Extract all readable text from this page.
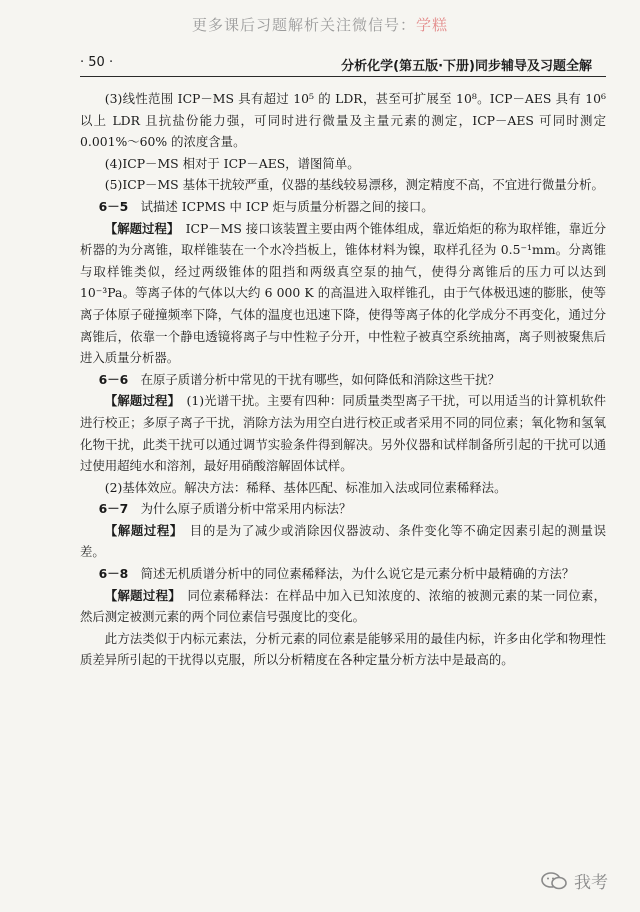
更多课后习题解析关注微信号：学糕
· 50 ·	分析化学(第五版·下册)同步辅导及习题全解

(3)线性范围 ICP－MS 具有超过 10⁵ 的 LDR，甚至可扩展至 10⁸。ICP－AES 具有 10⁶ 以上 LDR 且抗盐份能力强，可同时进行微量及主量元素的测定，ICP－AES 可同时测定 0.001%～60% 的浓度含量。

(4)ICP－MS 相对于 ICP－AES，谱图简单。

(5)ICP－MS 基体干扰较严重，仪器的基线较易漂移，测定精度不高，不宜进行微量分析。

6－5　 试描述 ICPMS 中 ICP 炬与质量分析器之间的接口。

【解题过程】　 ICP－MS 接口该装置主要由两个锥体组成，靠近焰炬的称为取样锥，靠近分析器的为分离锥，取样锥装在一个水冷挡板上，锥体材料为镍，取样孔径为 0.5⁻¹mm。分离锥与取样锥类似，经过两级锥体的阻挡和两级真空泵的抽气，使得分离锥后的压力可以达到 10⁻³Pa。等离子体的气体以大约 6 000 K 的高温进入取样锥孔，由于气体极迅速的膨胀，使等离子体原子碰撞频率下降，气体的温度也迅速下降，使得等离子体的化学成分不再变化，通过分离锥后，依靠一个静电透镜将离子与中性粒子分开，中性粒子被真空系统抽离，离子则被聚焦后进入质量分析器。

6－6　 在原子质谱分析中常见的干扰有哪些，如何降低和消除这些干扰？

【解题过程】　 (1)光谱干扰。主要有四种：同质量类型离子干扰，可以用适当的计算机软件进行校正；多原子离子干扰，消除方法为用空白进行校正或者采用不同的同位素；氧化物和氢氧化物干扰，此类干扰可以通过调节实验条件得到解决。另外仪器和试样制备所引起的干扰可以通过使用超纯水和溶剂，最好用硝酸溶解固体试样。

(2)基体效应。解决方法：稀释、基体匹配、标准加入法或同位素稀释法。

6－7　 为什么原子质谱分析中常采用内标法？

【解题过程】　 目的是为了减少或消除因仪器波动、条件变化等不确定因素引起的测量误差。

6－8　 简述无机质谱分析中的同位素稀释法，为什么说它是元素分析中最精确的方法？

【解题过程】　 同位素稀释法：在样品中加入已知浓度的、浓缩的被测元素的某一同位素，然后测定被测元素的两个同位素信号强度比的变化。

此方法类似于内标元素法，分析元素的同位素是能够采用的最佳内标，许多由化学和物理性质差异所引起的干扰得以克服，所以分析精度在各种定量分析方法中是最高的。

我考
